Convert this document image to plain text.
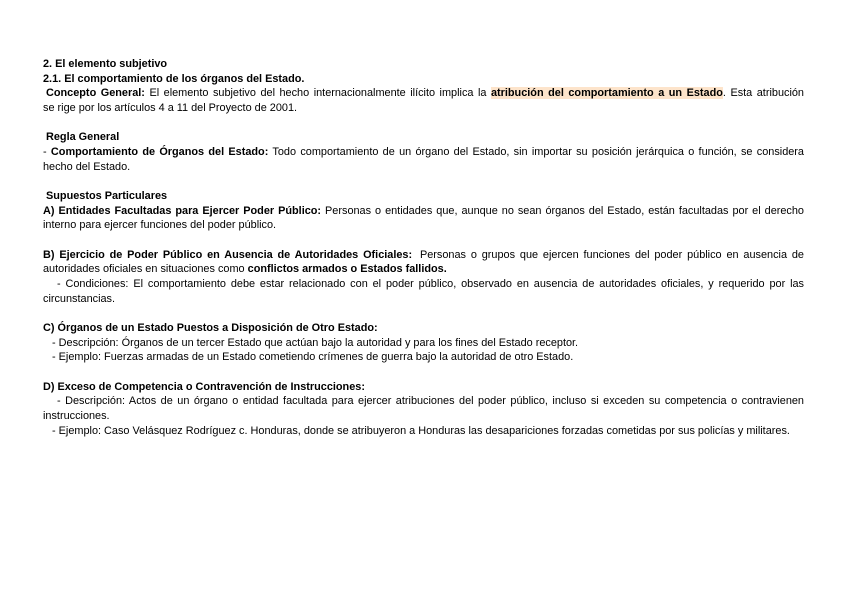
2. El elemento subjetivo
2.1. El comportamiento de los órganos del Estado.
Concepto General: El elemento subjetivo del hecho internacionalmente ilícito implica la atribución del comportamiento a un Estado. Esta atribución
se rige por los artículos 4 a 11 del Proyecto de 2001.
Regla General
- Comportamiento de Órganos del Estado: Todo comportamiento de un órgano del Estado, sin importar su posición jerárquica o función, se considera
hecho del Estado.
Supuestos Particulares
A) Entidades Facultadas para Ejercer Poder Público: Personas o entidades que, aunque no sean órganos del Estado, están facultadas por el derecho
interno para ejercer funciones del poder público.
B) Ejercicio de Poder Público en Ausencia de Autoridades Oficiales: Personas o grupos que ejercen funciones del poder público en ausencia de
autoridades oficiales en situaciones como conflictos armados o Estados fallidos.
- Condiciones: El comportamiento debe estar relacionado con el poder público, observado en ausencia de autoridades oficiales, y requerido por las
circunstancias.
C) Órganos de un Estado Puestos a Disposición de Otro Estado:
- Descripción: Órganos de un tercer Estado que actúan bajo la autoridad y para los fines del Estado receptor.
- Ejemplo: Fuerzas armadas de un Estado cometiendo crímenes de guerra bajo la autoridad de otro Estado.
D) Exceso de Competencia o Contravención de Instrucciones:
- Descripción: Actos de un órgano o entidad facultada para ejercer atribuciones del poder público, incluso si exceden su competencia o contravienen
instrucciones.
- Ejemplo: Caso Velásquez Rodríguez c. Honduras, donde se atribuyeron a Honduras las desapariciones forzadas cometidas por sus policías y militares.
